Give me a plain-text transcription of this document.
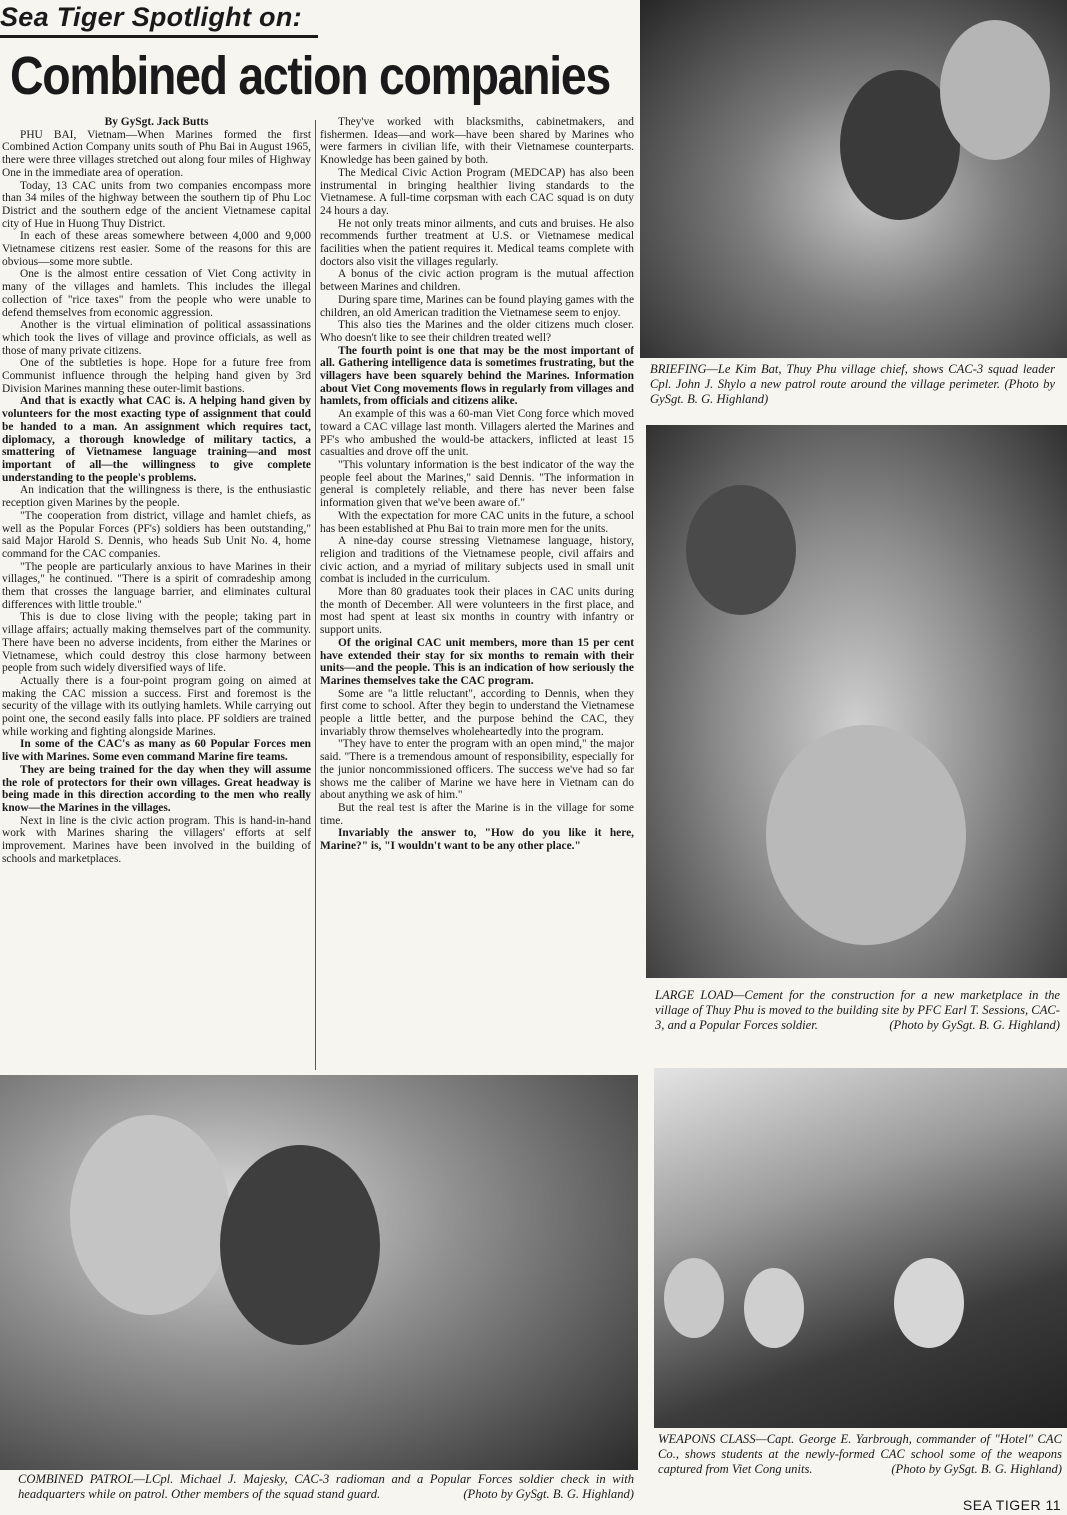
Sea Tiger Spotlight on:
Combined action companies
By GySgt. Jack Butts

PHU BAI, Vietnam—When Marines formed the first Combined Action Company units south of Phu Bai in August 1965, there were three villages stretched out along four miles of Highway One in the immediate area of operation.

Today, 13 CAC units from two companies encompass more than 34 miles of the highway between the southern tip of Phu Loc District and the southern edge of the ancient Vietnamese capital city of Hue in Huong Thuy District.

In each of these areas somewhere between 4,000 and 9,000 Vietnamese citizens rest easier. Some of the reasons for this are obvious—some more subtle.

One is the almost entire cessation of Viet Cong activity in many of the villages and hamlets. This includes the illegal collection of "rice taxes" from the people who were unable to defend themselves from economic aggression.

Another is the virtual elimination of political assassinations which took the lives of village and province officials, as well as those of many private citizens.

One of the subtleties is hope. Hope for a future free from Communist influence through the helping hand given by 3rd Division Marines manning these outer-limit bastions.

And that is exactly what CAC is. A helping hand given by volunteers for the most exacting type of assignment that could be handed to a man. An assignment which requires tact, diplomacy, a thorough knowledge of military tactics, a smattering of Vietnamese language training—and most important of all—the willingness to give complete understanding to the people's problems.

An indication that the willingness is there, is the enthusiastic reception given Marines by the people.

"The cooperation from district, village and hamlet chiefs, as well as the Popular Forces (PF's) soldiers has been outstanding," said Major Harold S. Dennis, who heads Sub Unit No. 4, home command for the CAC companies.

"The people are particularly anxious to have Marines in their villages," he continued. "There is a spirit of comradeship among them that crosses the language barrier, and eliminates cultural differences with little trouble."

This is due to close living with the people; taking part in village affairs; actually making themselves part of the community. There have been no adverse incidents, from either the Marines or Vietnamese, which could destroy this close harmony between people from such widely diversified ways of life.

Actually there is a four-point program going on aimed at making the CAC mission a success. First and foremost is the security of the village with its outlying hamlets. While carrying out point one, the second easily falls into place. PF soldiers are trained while working and fighting alongside Marines.

In some of the CAC's as many as 60 Popular Forces men live with Marines. Some even command Marine fire teams.

They are being trained for the day when they will assume the role of protectors for their own villages. Great headway is being made in this direction according to the men who really know—the Marines in the villages.

Next in line is the civic action program. This is hand-in-hand work with Marines sharing the villagers' efforts at self improvement. Marines have been involved in the building of schools and marketplaces.

They've worked with blacksmiths, cabinetmakers, and fishermen. Ideas—and work—have been shared by Marines who were farmers in civilian life, with their Vietnamese counterparts. Knowledge has been gained by both.

The Medical Civic Action Program (MEDCAP) has also been instrumental in bringing healthier living standards to the Vietnamese. A full-time corpsman with each CAC squad is on duty 24 hours a day.

He not only treats minor ailments, and cuts and bruises. He also recommends further treatment at U.S. or Vietnamese medical facilities when the patient requires it. Medical teams complete with doctors also visit the villages regularly.

A bonus of the civic action program is the mutual affection between Marines and children.

During spare time, Marines can be found playing games with the children, an old American tradition the Vietnamese seem to enjoy.

This also ties the Marines and the older citizens much closer. Who doesn't like to see their children treated well?

The fourth point is one that may be the most important of all. Gathering intelligence data is sometimes frustrating, but the villagers have been squarely behind the Marines. Information about Viet Cong movements flows in regularly from villages and hamlets, from officials and citizens alike.

An example of this was a 60-man Viet Cong force which moved toward a CAC village last month. Villagers alerted the Marines and PF's who ambushed the would-be attackers, inflicted at least 15 casualties and drove off the unit.

"This voluntary information is the best indicator of the way the people feel about the Marines," said Dennis. "The information in general is completely reliable, and there has never been false information given that we've been aware of."

With the expectation for more CAC units in the future, a school has been established at Phu Bai to train more men for the units.

A nine-day course stressing Vietnamese language, history, religion and traditions of the Vietnamese people, civil affairs and civic action, and a myriad of military subjects used in small unit combat is included in the curriculum.

More than 80 graduates took their places in CAC units during the month of December. All were volunteers in the first place, and most had spent at least six months in country with infantry or support units.

Of the original CAC unit members, more than 15 per cent have extended their stay for six months to remain with their units—and the people. This is an indication of how seriously the Marines themselves take the CAC program.

Some are "a little reluctant", according to Dennis, when they first come to school. After they begin to understand the Vietnamese people a little better, and the purpose behind the CAC, they invariably throw themselves wholeheartedly into the program.

"They have to enter the program with an open mind," the major said. "There is a tremendous amount of responsibility, especially for the junior noncommissioned officers. The success we've had so far shows me the caliber of Marine we have here in Vietnam can do about anything we ask of him."

But the real test is after the Marine is in the village for some time.

Invariably the answer to, "How do you like it here, Marine?" is, "I wouldn't want to be any other place."

BRIEFING—Le Kim Bat, Thuy Phu village chief, shows CAC-3 squad leader Cpl. John J. Shylo a new patrol route around the village perimeter. (Photo by GySgt. B. G. Highland)
LARGE LOAD—Cement for the construction for a new marketplace in the village of Thuy Phu is moved to the building site by PFC Earl T. Sessions, CAC-3, and a Popular Forces soldier.	(Photo by GySgt. B. G. Highland)
COMBINED PATROL—LCpl. Michael J. Majesky, CAC-3 radioman and a Popular Forces soldier check in with headquarters while on patrol. Other members of the squad stand guard.	(Photo by GySgt. B. G. Highland)
WEAPONS CLASS—Capt. George E. Yarbrough, commander of "Hotel" CAC Co., shows students at the newly-formed CAC school some of the weapons captured from Viet Cong units.	(Photo by GySgt. B. G. Highland)
SEA TIGER 11
